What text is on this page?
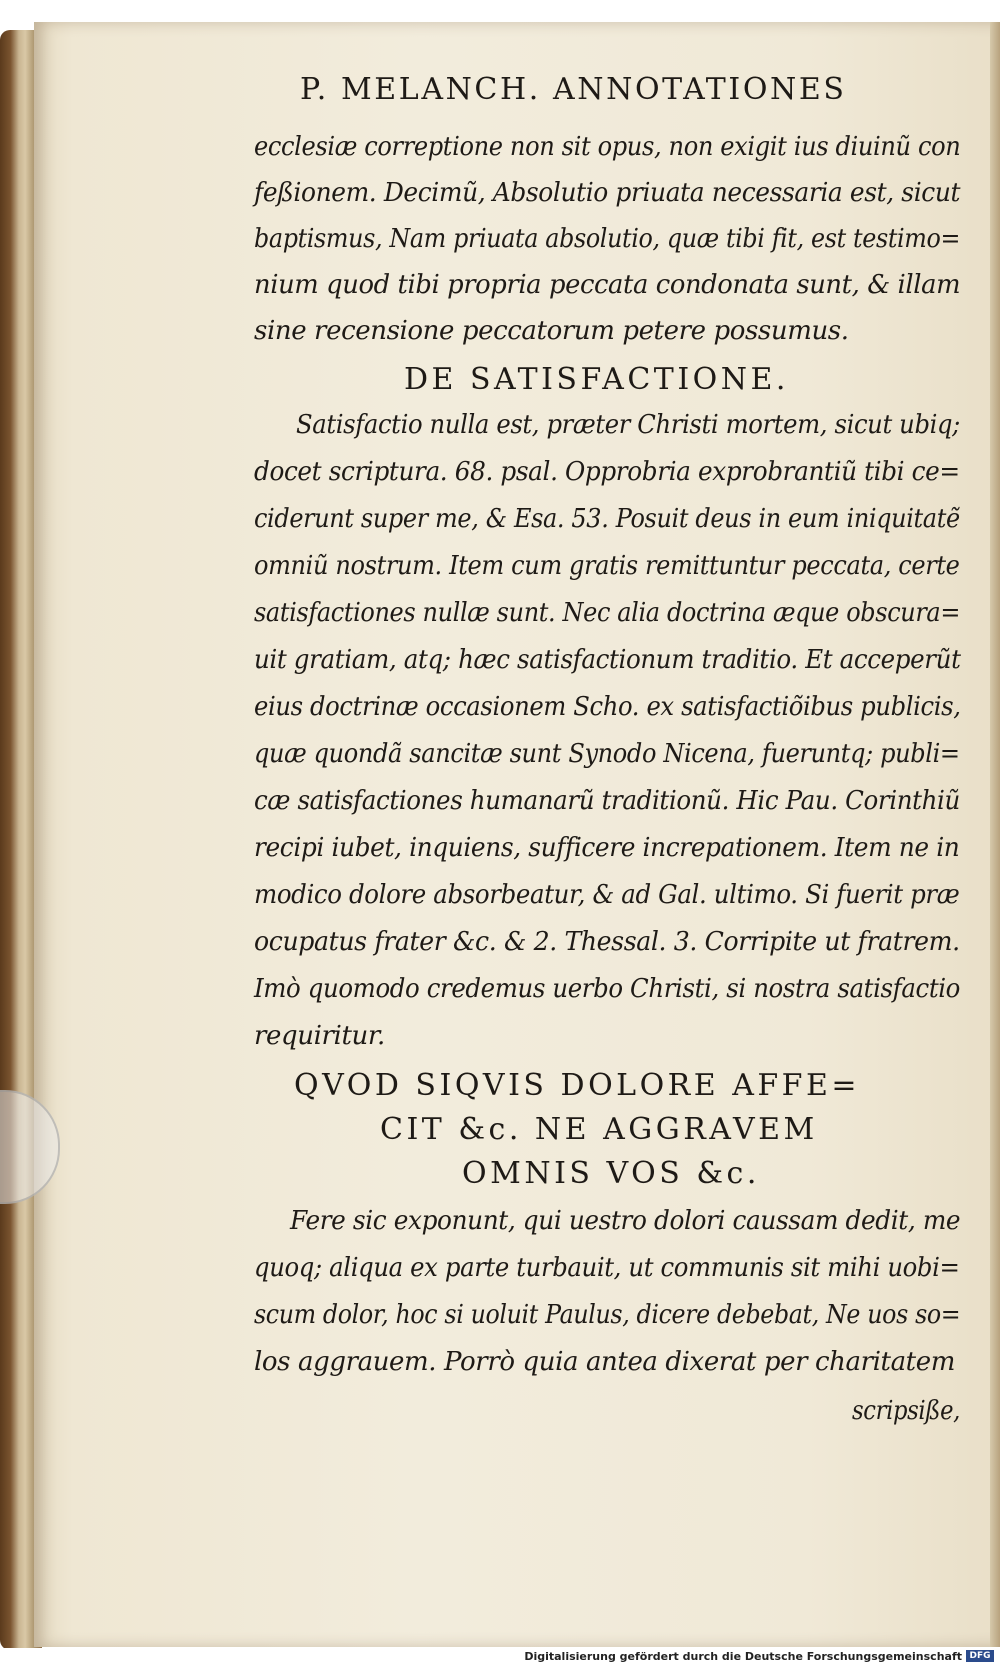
P. MELANCH. ANNOTATIONES
ecclesiæ correptione non sit opus, non exigit ius diuinũ con
feßionem. Decimũ, Absolutio priuata necessaria est, sicut
baptismus, Nam priuata absolutio, quæ tibi fit, est testimo=
nium quod tibi propria peccata condonata sunt, & illam
sine recensione peccatorum petere possumus.
DE SATISFACTIONE.
Satisfactio nulla est, præter Christi mortem, sicut ubiq;
docet scriptura. 68. psal. Opprobria exprobrantiũ tibi ce=
ciderunt super me, & Esa. 53. Posuit deus in eum iniquitatẽ
omniũ nostrum. Item cum gratis remittuntur peccata, certe
satisfactiones nullæ sunt. Nec alia doctrina æque obscura=
uit gratiam, atq; hæc satisfactionum traditio. Et acceperũt
eius doctrinæ occasionem Scho. ex satisfactiõibus publicis,
quæ quondã sancitæ sunt Synodo Nicena, fueruntq; publi=
cæ satisfactiones humanarũ traditionũ. Hic Pau. Corinthiũ
recipi iubet, inquiens, sufficere increpationem. Item ne in
modico dolore absorbeatur, & ad Gal. ultimo. Si fuerit præ
ocupatus frater &c. & 2. Thessal. 3. Corripite ut fratrem.
Imò quomodo credemus uerbo Christi, si nostra satisfactio
requiritur.
QVOD SIQVIS DOLORE AFFE=
CIT &c. NE AGGRAVEM
OMNIS VOS &c.
Fere sic exponunt, qui uestro dolori caussam dedit, me
quoq; aliqua ex parte turbauit, ut communis sit mihi uobi=
scum dolor, hoc si uoluit Paulus, dicere debebat, Ne uos so=
los aggrauem. Porrò quia antea dixerat per charitatem
scripsiße,
Digitalisierung gefördert durch die Deutsche Forschungsgemeinschaft DFG
